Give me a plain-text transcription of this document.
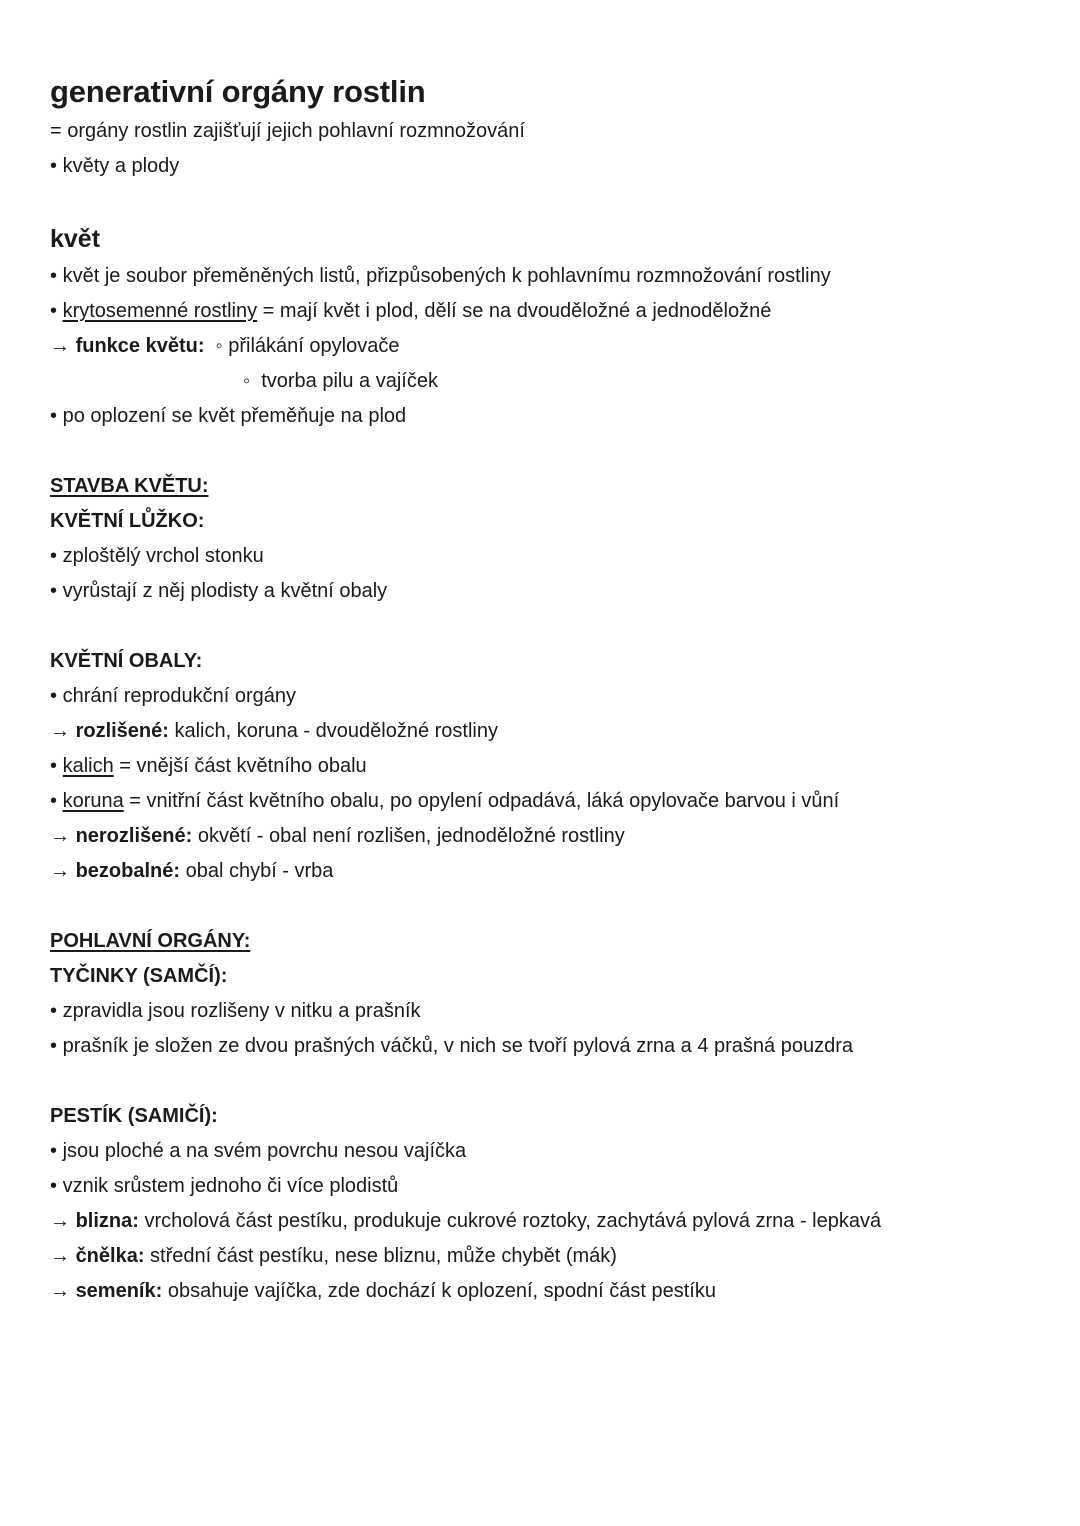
generativní orgány rostlin
= orgány rostlin zajišťují jejich pohlavní rozmnožování
• květy a plody
květ
• květ je soubor přeměněných listů, přizpůsobených k pohlavnímu rozmnožování rostliny
• krytosemenné rostliny = mají květ i plod, dělí se na dvouděložné a jednoděložné
→ funkce květu:  ◦ přilákání opylovače
◦  tvorba pilu a vajíček
• po oplození se květ přeměňuje na plod
STAVBA KVĚTU:
KVĚTNÍ LŮŽKO:
• zploštělý vrchol stonku
• vyrůstají z něj plodisty a květní obaly
KVĚTNÍ OBALY:
• chrání reprodukční orgány
→ rozlišené: kalich, koruna - dvouděložné rostliny
• kalich = vnější část květního obalu
• koruna = vnitřní část květního obalu, po opylení odpadává, láká opylovače barvou i vůní
→ nerozlišené: okvětí - obal není rozlišen, jednoděložné rostliny
→ bezobalné: obal chybí - vrba
POHLAVNÍ ORGÁNY:
TYČINKY (SAMČÍ):
• zpravidla jsou rozlišeny v nitku a prašník
• prašník je složen ze dvou prašných váčků, v nich se tvoří pylová zrna a 4 prašná pouzdra
PESTÍK (SAMIČÍ):
• jsou ploché a na svém povrchu nesou vajíčka
• vznik srůstem jednoho či více plodistů
→ blizna: vrcholová část pestíku, produkuje cukrové roztoky, zachytává pylová zrna - lepkavá
→ čnělka: střední část pestíku, nese bliznu, může chybět (mák)
→ semeník: obsahuje vajíčka, zde dochází k oplození, spodní část pestíku
